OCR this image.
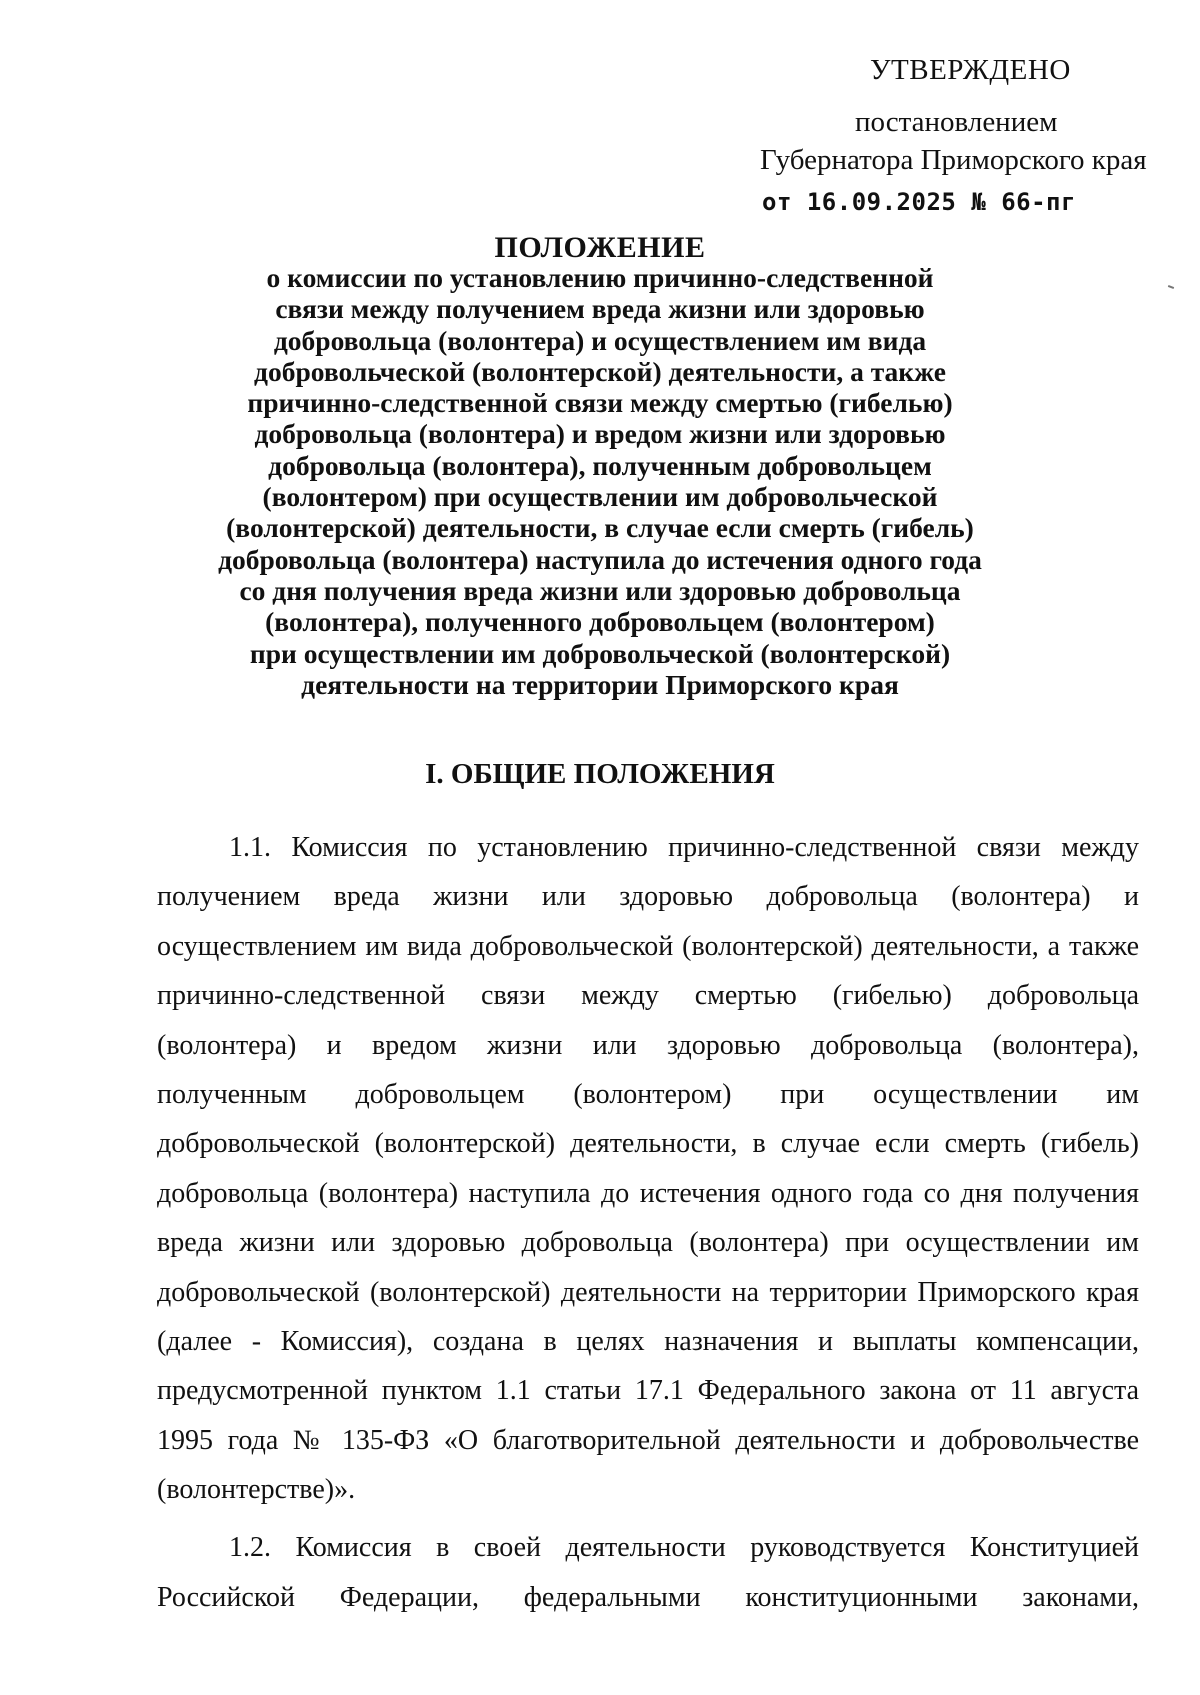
УТВЕРЖДЕНО
постановлением
Губернатора Приморского края
от 16.09.2025 № 66-пг
ПОЛОЖЕНИЕ
о комиссии по установлению причинно-следственной
связи между получением вреда жизни или здоровью
добровольца (волонтера) и осуществлением им вида
добровольческой (волонтерской) деятельности, а также
причинно-следственной связи между смертью (гибелью)
добровольца (волонтера) и вредом жизни или здоровью
добровольца (волонтера), полученным добровольцем
(волонтером) при осуществлении им добровольческой
(волонтерской) деятельности, в случае если смерть (гибель)
добровольца (волонтера) наступила до истечения одного года
со дня получения вреда жизни или здоровью добровольца
(волонтера), полученного добровольцем (волонтером)
при осуществлении им добровольческой (волонтерской)
деятельности на территории Приморского края
I. ОБЩИЕ ПОЛОЖЕНИЯ
1.1. Комиссия по установлению причинно-следственной связи между
получением вреда жизни или здоровью добровольца (волонтера) и
осуществлением им вида добровольческой (волонтерской) деятельности, а также
причинно-следственной связи между смертью (гибелью) добровольца
(волонтера) и вредом жизни или здоровью добровольца (волонтера),
полученным добровольцем (волонтером) при осуществлении им
добровольческой (волонтерской) деятельности, в случае если смерть (гибель)
добровольца (волонтера) наступила до истечения одного года со дня получения
вреда жизни или здоровью добровольца (волонтера) при осуществлении им
добровольческой (волонтерской) деятельности на территории Приморского края
(далее - Комиссия), создана в целях назначения и выплаты компенсации,
предусмотренной пунктом 1.1 статьи 17.1 Федерального закона от 11 августа
1995 года № 135-ФЗ «О благотворительной деятельности и добровольчестве
(волонтерстве)».
1.2. Комиссия в своей деятельности руководствуется Конституцией
Российской Федерации, федеральными конституционными законами,
